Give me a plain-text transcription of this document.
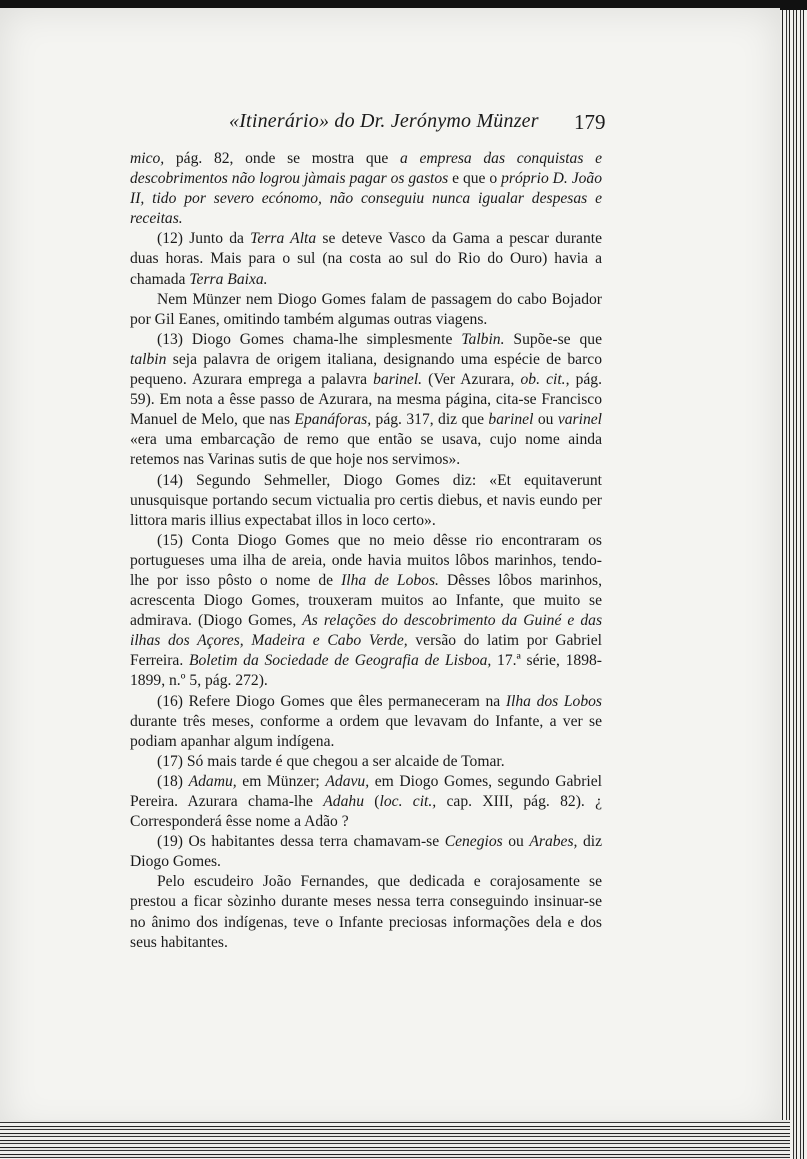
«Itinerário» do Dr. Jerónymo Münzer 179

mico, pág. 82, onde se mostra que a empresa das conquistas e descobrimentos não logrou jàmais pagar os gastos e que o próprio D. João II, tido por severo ecónomo, não conseguiu nunca igualar despesas e receitas.

(12) Junto da Terra Alta se deteve Vasco da Gama a pescar durante duas horas. Mais para o sul (na costa ao sul do Rio do Ouro) havia a chamada Terra Baixa.

Nem Münzer nem Diogo Gomes falam de passagem do cabo Bojador por Gil Eanes, omitindo também algumas outras viagens.

(13) Diogo Gomes chama-lhe simplesmente Talbin. Supõe-se que talbin seja palavra de origem italiana, designando uma espécie de barco pequeno. Azurara emprega a palavra barinel. (Ver Azurara, ob. cit., pág. 59). Em nota a êsse passo de Azurara, na mesma página, cita-se Francisco Manuel de Melo, que nas Epanáforas, pág. 317, diz que barinel ou varinel «era uma embarcação de remo que então se usava, cujo nome ainda retemos nas Varinas sutis de que hoje nos servimos».

(14) Segundo Sehmeller, Diogo Gomes diz: «Et equitaverunt unusquisque portando secum victualia pro certis diebus, et navis eundo per littora maris illius expectabat illos in loco certo».

(15) Conta Diogo Gomes que no meio dêsse rio encontraram os portugueses uma ilha de areia, onde havia muitos lôbos marinhos, tendo-lhe por isso pôsto o nome de Ilha de Lobos. Dêsses lôbos marinhos, acrescenta Diogo Gomes, trouxeram muitos ao Infante, que muito se admirava. (Diogo Gomes, As relações do descobrimento da Guiné e das ilhas dos Açores, Madeira e Cabo Verde, versão do latim por Gabriel Ferreira. Boletim da Sociedade de Geografia de Lisboa, 17.ª série, 1898-1899, n.º 5, pág. 272).

(16) Refere Diogo Gomes que êles permaneceram na Ilha dos Lobos durante três meses, conforme a ordem que levavam do Infante, a ver se podiam apanhar algum indígena.

(17) Só mais tarde é que chegou a ser alcaide de Tomar.

(18) Adamu, em Münzer; Adavu, em Diogo Gomes, segundo Gabriel Pereira. Azurara chama-lhe Adahu (loc. cit., cap. XIII, pág. 82). ¿ Corresponderá êsse nome a Adão ?

(19) Os habitantes dessa terra chamavam-se Cenegios ou Arabes, diz Diogo Gomes.

Pelo escudeiro João Fernandes, que dedicada e corajosamente se prestou a ficar sòzinho durante meses nessa terra conseguindo insinuar-se no ânimo dos indígenas, teve o Infante preciosas informações dela e dos seus habitantes.
